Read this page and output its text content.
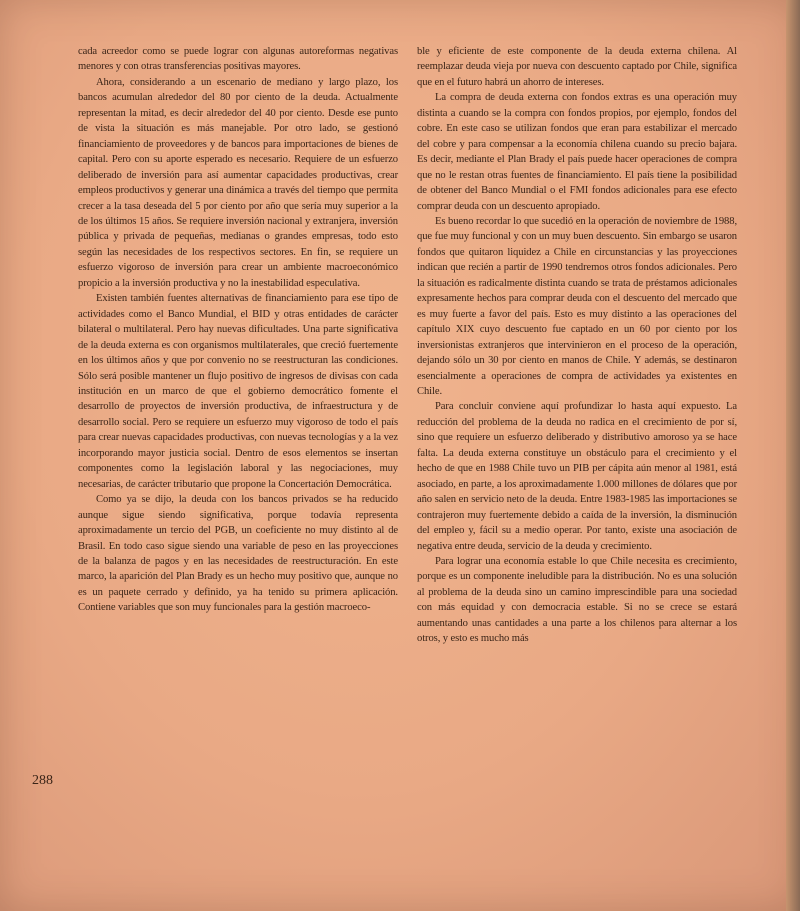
cada acreedor como se puede lograr con algunas autoreformas negativas menores y con otras transferencias positivas mayores.

Ahora, considerando a un escenario de mediano y largo plazo, los bancos acumulan alrededor del 80 por ciento de la deuda. Actualmente representan la mitad, es decir alrededor del 40 por ciento. Desde ese punto de vista la situación es más manejable. Por otro lado, se gestionó financiamiento de proveedores y de bancos para importaciones de bienes de capital. Pero con su aporte esperado es necesario. Requiere de un esfuerzo deliberado de inversión para así aumentar capacidades productivas, crear empleos productivos y generar una dinámica a través del tiempo que permita crecer a la tasa deseada del 5 por ciento por año que sería muy superior a la de los últimos 15 años. Se requiere inversión nacional y extranjera, inversión pública y privada de pequeñas, medianas o grandes empresas, todo esto según las necesidades de los respectivos sectores. En fin, se requiere un esfuerzo vigoroso de inversión para crear un ambiente macroeconómico propicio a la inversión productiva y no la inestabilidad especulativa.

Existen también fuentes alternativas de financiamiento para ese tipo de actividades como el Banco Mundial, el BID y otras entidades de carácter bilateral o multilateral. Pero hay nuevas dificultades. Una parte significativa de la deuda externa es con organismos multilaterales, que creció fuertemente en los últimos años y que por convenio no se reestructuran las condiciones. Sólo será posible mantener un flujo positivo de ingresos de divisas con cada institución en un marco de que el gobierno democrático fomente el desarrollo de proyectos de inversión productiva, de infraestructura y de desarrollo social. Pero se requiere un esfuerzo muy vigoroso de todo el país para crear nuevas capacidades productivas, con nuevas tecnologías y a la vez incorporando mayor justicia social. Dentro de esos elementos se insertan componentes como la legislación laboral y las negociaciones, muy necesarias, de carácter tributario que propone la Concertación Democrática.

Como ya se dijo, la deuda con los bancos privados se ha reducido aunque sigue siendo significativa, porque todavía representa aproximadamente un tercio del PGB, un coeficiente no muy distinto al de Brasil. En todo caso sigue siendo una variable de peso en las proyecciones de la balanza de pagos y en las necesidades de reestructuración. En este marco, la aparición del Plan Brady es un hecho muy positivo que, aunque no es un paquete cerrado y definido, ya ha tenido su primera aplicación. Contiene variables que son muy funcionales para la gestión macroeco-

ble y eficiente de este componente de la deuda externa chilena. Al reemplazar deuda vieja por nueva con descuento captado por Chile, significa que en el futuro habrá un ahorro de intereses.

La compra de deuda externa con fondos extras es una operación muy distinta a cuando se la compra con fondos propios, por ejemplo, fondos del cobre. En este caso se utilizan fondos que eran para estabilizar el mercado del cobre y para compensar a la economía chilena cuando su precio bajara. Es decir, mediante el Plan Brady el país puede hacer operaciones de compra que no le restan otras fuentes de financiamiento. El país tiene la posibilidad de obtener del Banco Mundial o el FMI fondos adicionales para ese efecto comprar deuda con un descuento apropiado.

Es bueno recordar lo que sucedió en la operación de noviembre de 1988, que fue muy funcional y con un muy buen descuento. Sin embargo se usaron fondos que quitaron liquidez a Chile en circunstancias y las proyecciones indican que recién a partir de 1990 tendremos otros fondos adicionales. Pero la situación es radicalmente distinta cuando se trata de préstamos adicionales expresamente hechos para comprar deuda con el descuento del mercado que es muy fuerte a favor del país. Esto es muy distinto a las operaciones del capítulo XIX cuyo descuento fue captado en un 60 por ciento por los inversionistas extranjeros que intervinieron en el proceso de la operación, dejando sólo un 30 por ciento en manos de Chile. Y además, se destinaron esencialmente a operaciones de compra de actividades ya existentes en Chile.

Para concluir conviene aquí profundizar lo hasta aquí expuesto. La reducción del problema de la deuda no radica en el crecimiento de por sí, sino que requiere un esfuerzo deliberado y distributivo amoroso ya se hace falta. La deuda externa constituye un obstáculo para el crecimiento y el hecho de que en 1988 Chile tuvo un PIB per cápita aún menor al 1981, está asociado, en parte, a los aproximadamente 1.000 millones de dólares que por año salen en servicio neto de la deuda. Entre 1983-1985 las importaciones se contrajeron muy fuertemente debido a caída de la inversión, la disminución del empleo y, fácil su a medio operar. Por tanto, existe una asociación de negativa entre deuda, servicio de la deuda y crecimiento.

Para lograr una economía estable lo que Chile necesita es crecimiento, porque es un componente ineludible para la distribución. No es una solución al problema de la deuda sino un camino imprescindible para una sociedad con más equidad y con democracia estable. Si no se crece se estará aumentando unas cantidades a una parte a los chilenos para alternar a los otros, y esto es mucho más

288
